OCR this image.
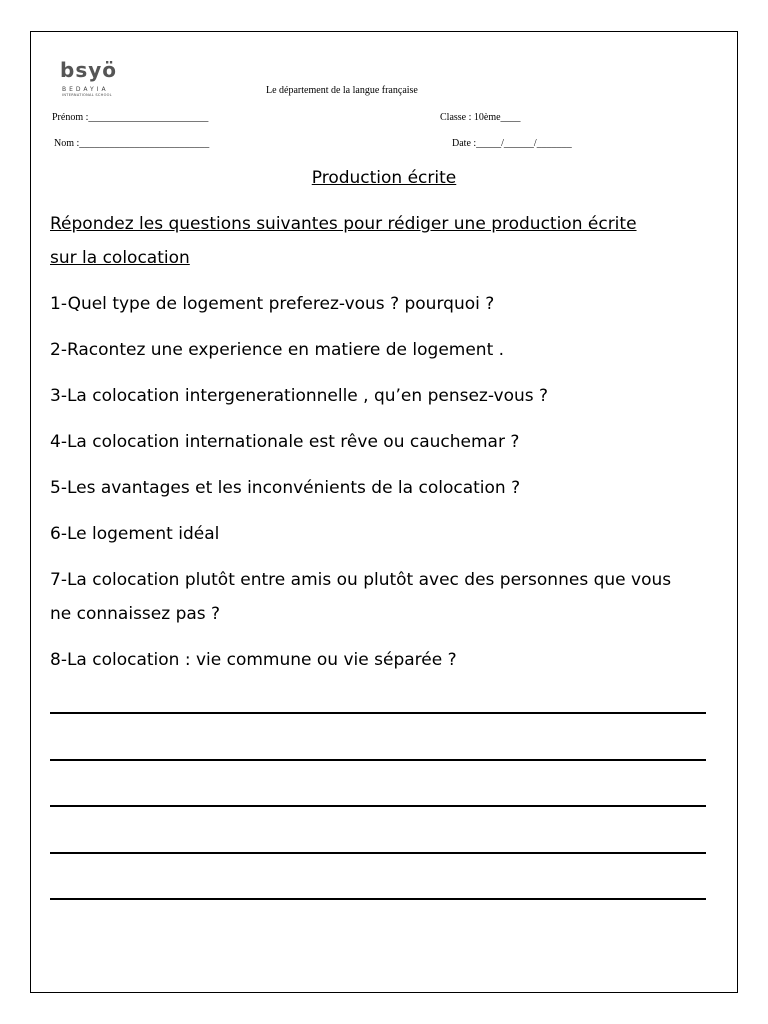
bsyö
BEDAYIA
INTERNATIONAL SCHOOL	Le département de la langue française
Prénom :________________________	Classe : 10ème____
Nom :__________________________	Date :_____/______/_______
Production écrite
Répondez les questions suivantes pour rédiger une production écrite
sur la colocation
1-Quel type de logement preferez-vous ? pourquoi ?
2-Racontez une experience en matiere de logement .
3-La colocation intergenerationnelle , qu’en pensez-vous ?
4-La colocation internationale est rêve ou cauchemar ?
5-Les avantages et les inconvénients de la colocation ?
6-Le logement idéal
7-La colocation plutôt entre amis ou plutôt avec des personnes que vous
ne connaissez pas ?
8-La colocation : vie commune ou vie séparée ?
